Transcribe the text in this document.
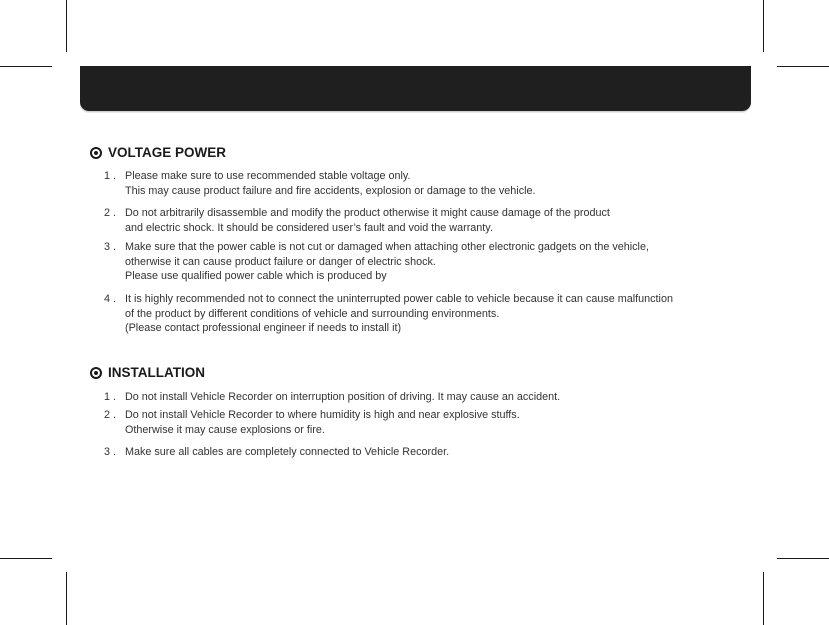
VOLTAGE POWER
1 . Please make sure to use recommended stable voltage only.
This may cause product failure and fire accidents, explosion or damage to the vehicle.
2 . Do not arbitrarily disassemble and modify the product otherwise it might cause damage of the product
and electric shock. It should be considered user’s fault and void the warranty.
3 . Make sure that the power cable is not cut or damaged when attaching other electronic gadgets on the vehicle,
otherwise it can cause product failure or danger of electric shock.
Please use qualified power cable which is produced by
4 . It is highly recommended not to connect the uninterrupted power cable to vehicle because it can cause malfunction
of the product by different conditions of vehicle and surrounding environments.
(Please contact professional engineer if needs to install it)
INSTALLATION
1 . Do not install Vehicle Recorder on interruption position of driving. It may cause an accident.
2 . Do not install Vehicle Recorder to where humidity is high and near explosive stuffs.
Otherwise it may cause explosions or fire.
3 . Make sure all cables are completely connected to Vehicle Recorder.
